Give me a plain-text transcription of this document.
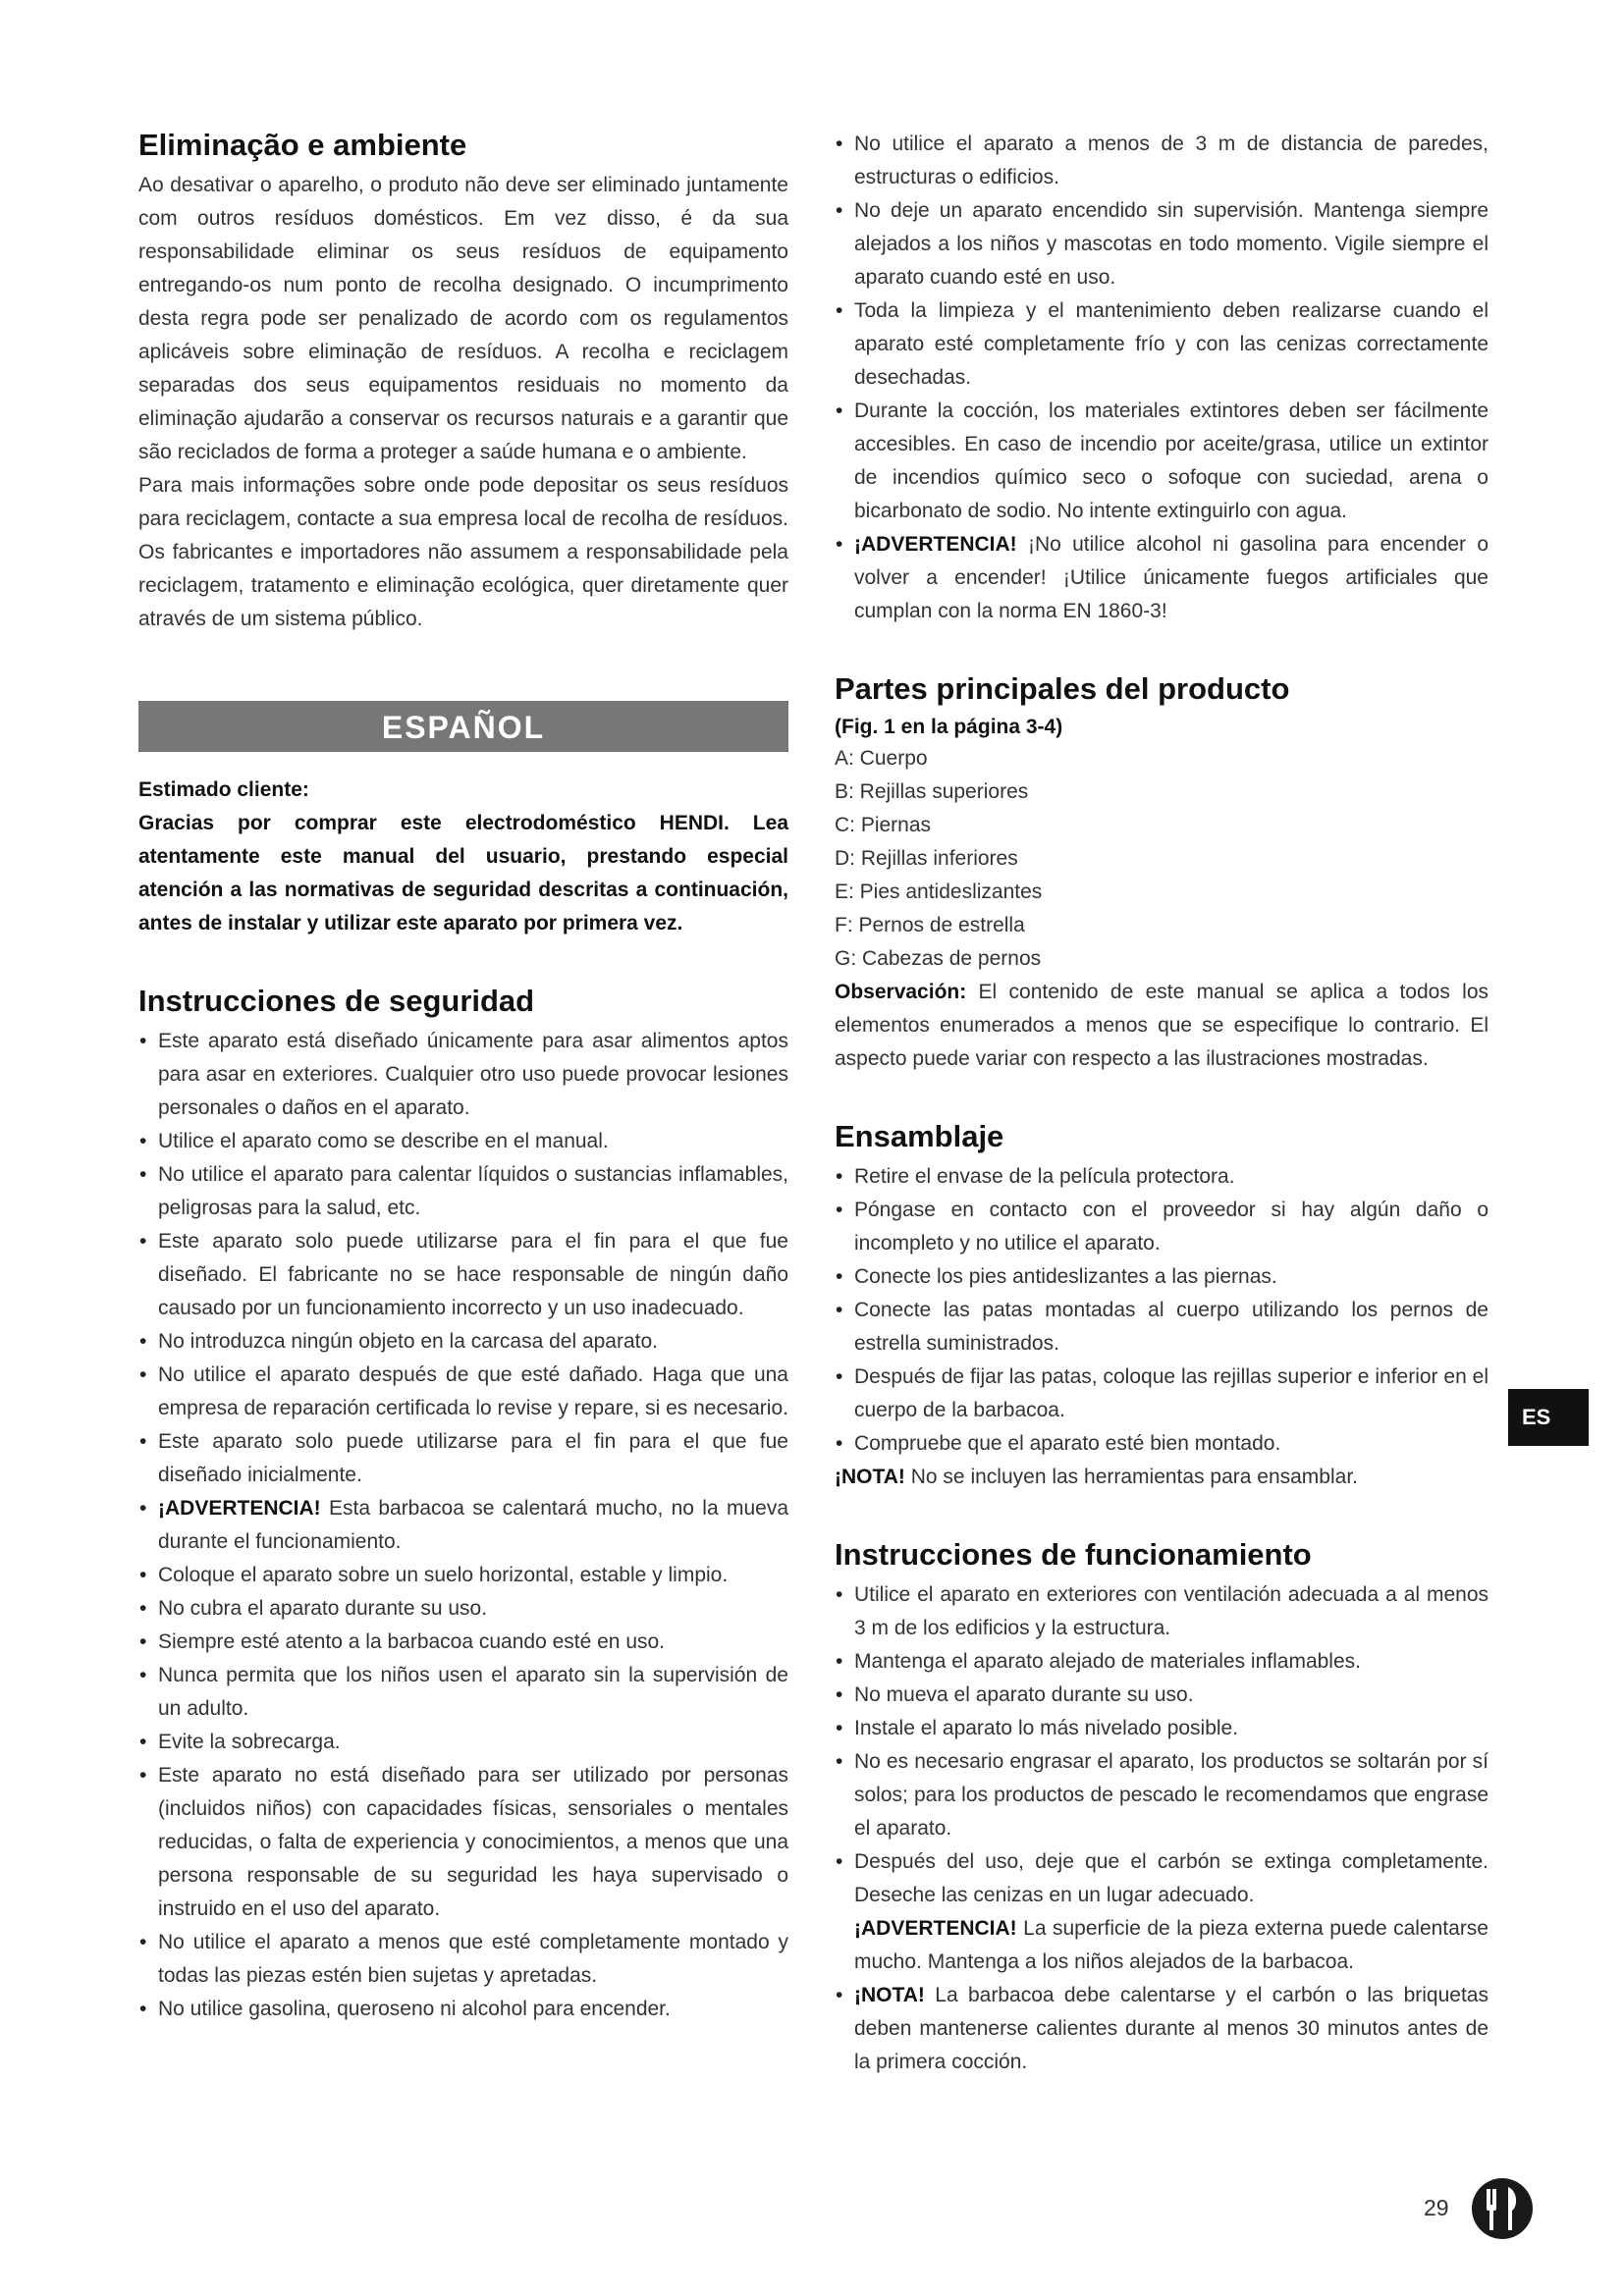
Eliminação e ambiente

Ao desativar o aparelho, o produto não deve ser eliminado juntamente com outros resíduos domésticos. Em vez disso, é da sua responsabilidade eliminar os seus resíduos de equipamento entregando-os num ponto de recolha designado. O incumprimento desta regra pode ser penalizado de acordo com os regulamentos aplicáveis sobre eliminação de resíduos. A recolha e reciclagem separadas dos seus equipamentos residuais no momento da eliminação ajudarão a conservar os recursos naturais e a garantir que são reciclados de forma a proteger a saúde humana e o ambiente.

Para mais informações sobre onde pode depositar os seus resíduos para reciclagem, contacte a sua empresa local de recolha de resíduos. Os fabricantes e importadores não assumem a responsabilidade pela reciclagem, tratamento e eliminação ecológica, quer diretamente quer através de um sistema público.

ESPAÑOL

Estimado cliente:

Gracias por comprar este electrodoméstico HENDI. Lea atentamente este manual del usuario, prestando especial atención a las normativas de seguridad descritas a continuación, antes de instalar y utilizar este aparato por primera vez.

Instrucciones de seguridad
• Este aparato está diseñado únicamente para asar alimentos aptos para asar en exteriores. Cualquier otro uso puede provocar lesiones personales o daños en el aparato.
• Utilice el aparato como se describe en el manual.
• No utilice el aparato para calentar líquidos o sustancias inflamables, peligrosas para la salud, etc.
• Este aparato solo puede utilizarse para el fin para el que fue diseñado. El fabricante no se hace responsable de ningún daño causado por un funcionamiento incorrecto y un uso inadecuado.
• No introduzca ningún objeto en la carcasa del aparato.
• No utilice el aparato después de que esté dañado. Haga que una empresa de reparación certificada lo revise y repare, si es necesario.
• Este aparato solo puede utilizarse para el fin para el que fue diseñado inicialmente.
• ¡ADVERTENCIA! Esta barbacoa se calentará mucho, no la mueva durante el funcionamiento.
• Coloque el aparato sobre un suelo horizontal, estable y limpio.
• No cubra el aparato durante su uso.
• Siempre esté atento a la barbacoa cuando esté en uso.
• Nunca permita que los niños usen el aparato sin la supervisión de un adulto.
• Evite la sobrecarga.
• Este aparato no está diseñado para ser utilizado por personas (incluidos niños) con capacidades físicas, sensoriales o mentales reducidas, o falta de experiencia y conocimientos, a menos que una persona responsable de su seguridad les haya supervisado o instruido en el uso del aparato.
• No utilice el aparato a menos que esté completamente montado y todas las piezas estén bien sujetas y apretadas.
• No utilice gasolina, queroseno ni alcohol para encender.
• No utilice el aparato a menos de 3 m de distancia de paredes, estructuras o edificios.
• No deje un aparato encendido sin supervisión. Mantenga siempre alejados a los niños y mascotas en todo momento. Vigile siempre el aparato cuando esté en uso.
• Toda la limpieza y el mantenimiento deben realizarse cuando el aparato esté completamente frío y con las cenizas correctamente desechadas.
• Durante la cocción, los materiales extintores deben ser fácilmente accesibles. En caso de incendio por aceite/grasa, utilice un extintor de incendios químico seco o sofoque con suciedad, arena o bicarbonato de sodio. No intente extinguirlo con agua.
• ¡ADVERTENCIA! ¡No utilice alcohol ni gasolina para encender o volver a encender! ¡Utilice únicamente fuegos artificiales que cumplan con la norma EN 1860-3!
Partes principales del producto

(Fig. 1 en la página 3-4)

A: Cuerpo
B: Rejillas superiores
C: Piernas
D: Rejillas inferiores
E: Pies antideslizantes
F: Pernos de estrella
G: Cabezas de pernos

Observación: El contenido de este manual se aplica a todos los elementos enumerados a menos que se especifique lo contrario. El aspecto puede variar con respecto a las ilustraciones mostradas.

Ensamblaje
• Retire el envase de la película protectora.
• Póngase en contacto con el proveedor si hay algún daño o incompleto y no utilice el aparato.
• Conecte los pies antideslizantes a las piernas.
• Conecte las patas montadas al cuerpo utilizando los pernos de estrella suministrados.
• Después de fijar las patas, coloque las rejillas superior e inferior en el cuerpo de la barbacoa.
• Compruebe que el aparato esté bien montado.

¡NOTA! No se incluyen las herramientas para ensamblar.

Instrucciones de funcionamiento
• Utilice el aparato en exteriores con ventilación adecuada a al menos 3 m de los edificios y la estructura.
• Mantenga el aparato alejado de materiales inflamables.
• No mueva el aparato durante su uso.
• Instale el aparato lo más nivelado posible.
• No es necesario engrasar el aparato, los productos se soltarán por sí solos; para los productos de pescado le recomendamos que engrase el aparato.
• Después del uso, deje que el carbón se extinga completamente. Deseche las cenizas en un lugar adecuado.

¡ADVERTENCIA! La superficie de la pieza externa puede calentarse mucho. Mantenga a los niños alejados de la barbacoa.

• ¡NOTA! La barbacoa debe calentarse y el carbón o las briquetas deben mantenerse calientes durante al menos 30 minutos antes de la primera cocción.
ES
29
